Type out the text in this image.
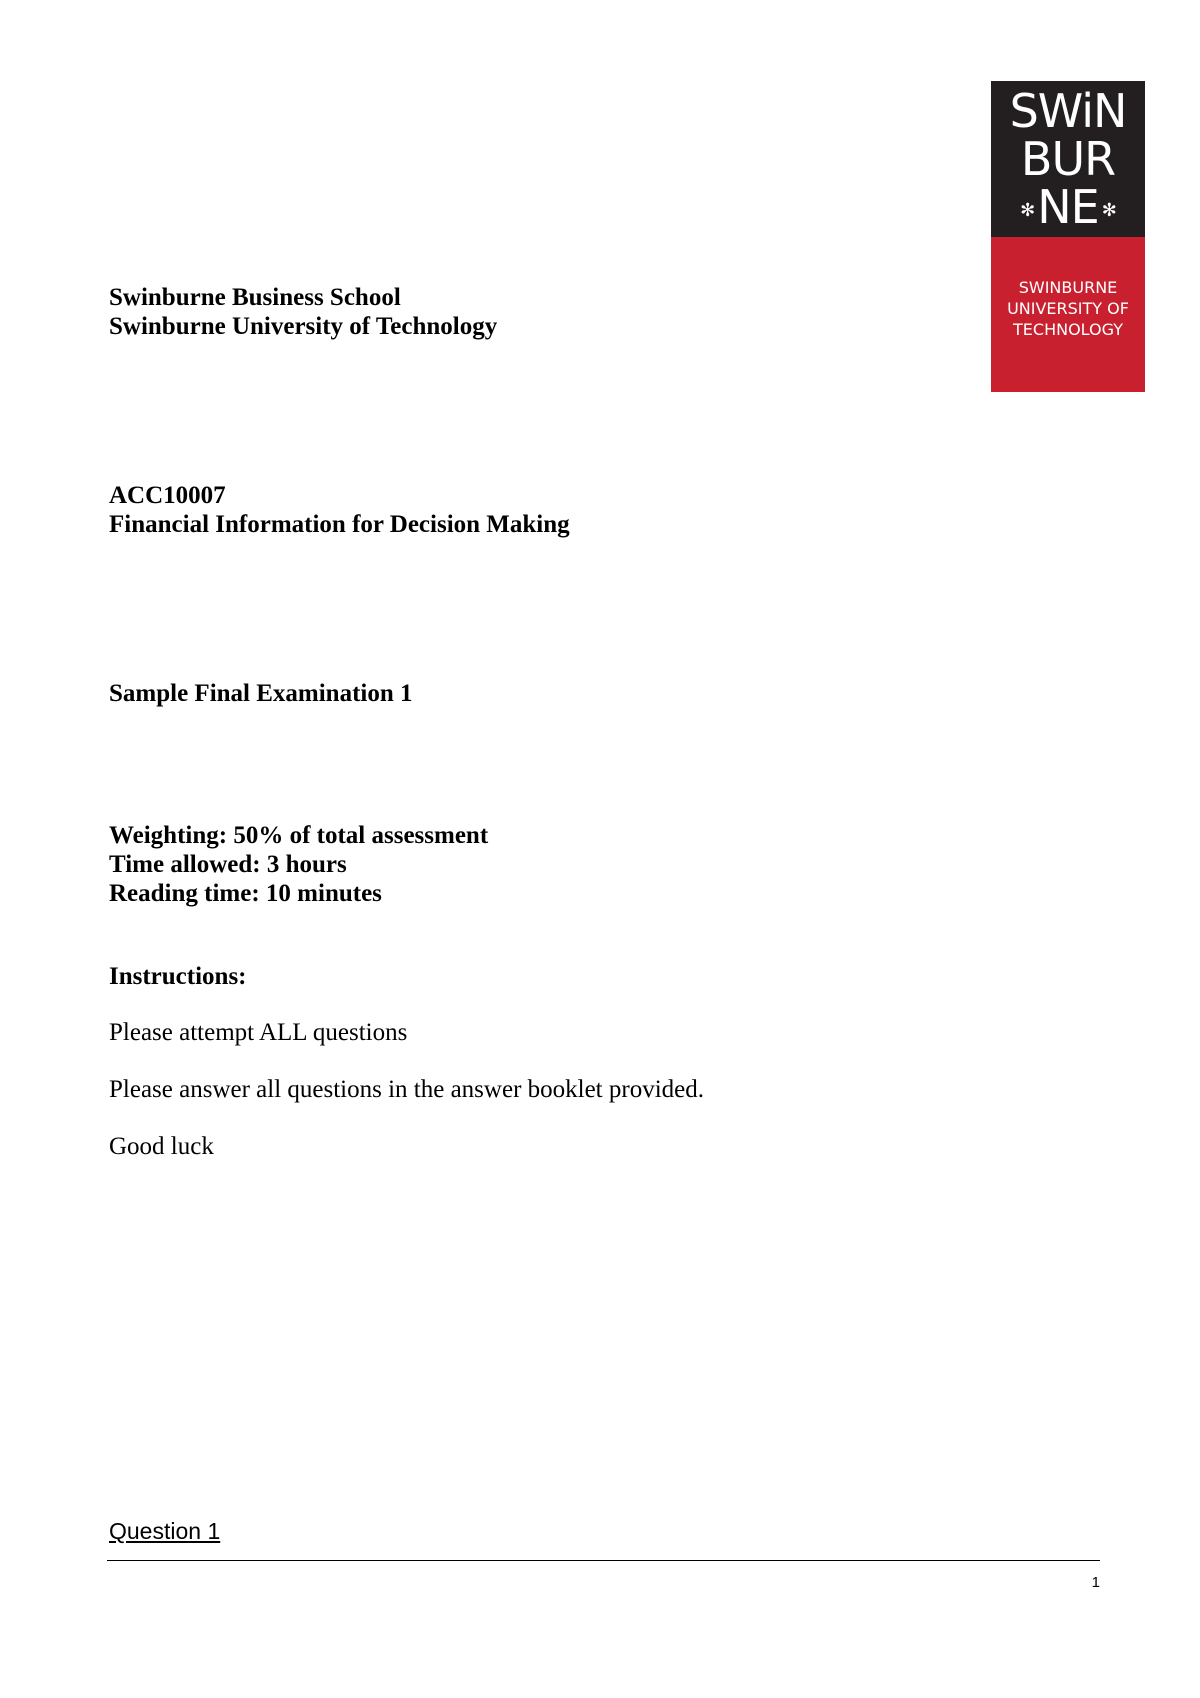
SWiN
BUR
✻NE ✻
SWINBURNE
UNIVERSITY OF
TECHNOLOGY
Swinburne Business School
Swinburne University of Technology
ACC10007
Financial Information for Decision Making
Sample Final Examination 1
Weighting: 50% of total assessment
Time allowed: 3 hours
Reading time: 10 minutes
Instructions:
Please attempt ALL questions
Please answer all questions in the answer booklet provided.
Good luck
Question 1
1
